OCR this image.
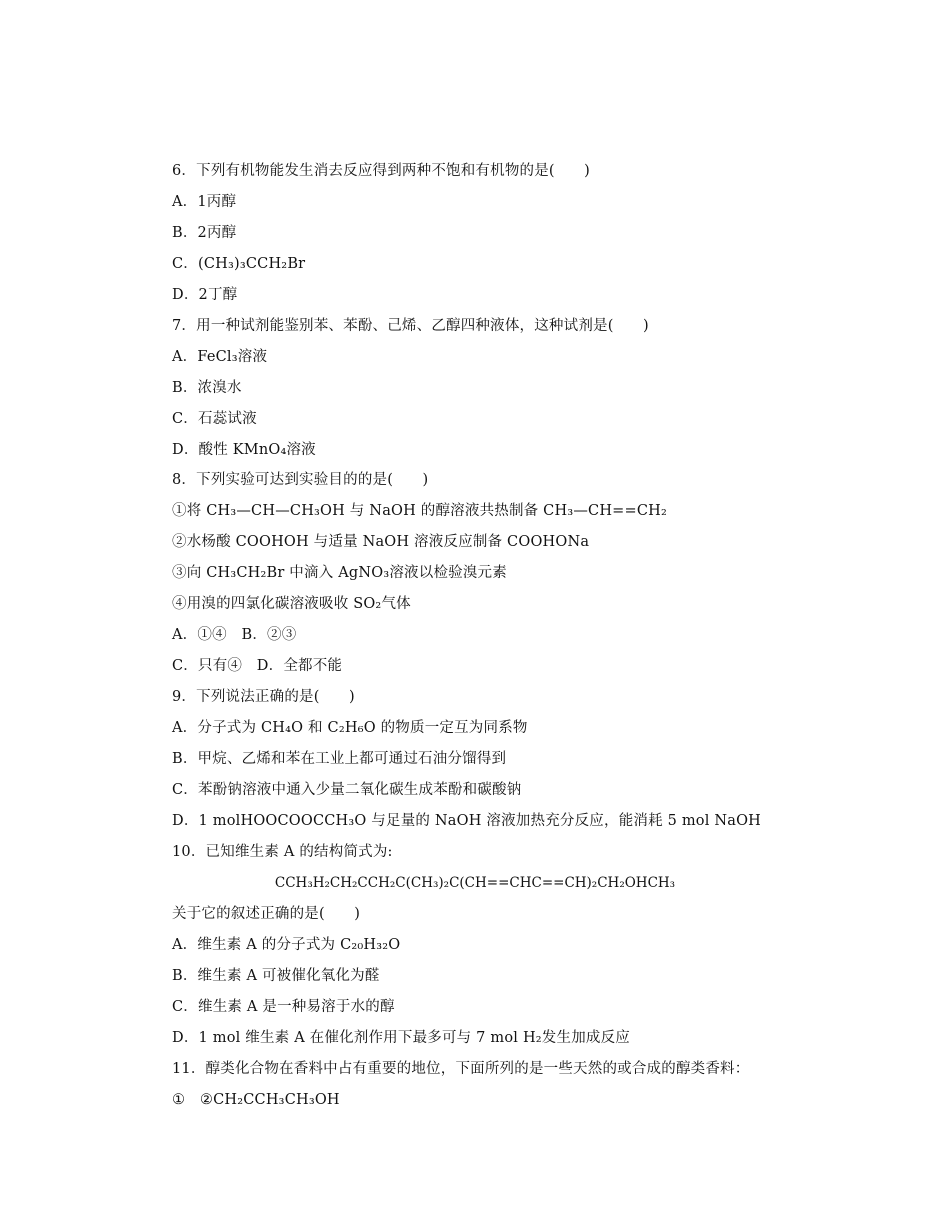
6．下列有机物能发生消去反应得到两种不饱和有机物的是(　　)
A．1丙醇
B．2丙醇
C．(CH₃)₃CCH₂Br
D．2丁醇
7．用一种试剂能鉴别苯、苯酚、己烯、乙醇四种液体，这种试剂是(　　)
A．FeCl₃溶液
B．浓溴水
C．石蕊试液
D．酸性 KMnO₄溶液
8．下列实验可达到实验目的的是(　　)
①将 CH₃—CH—CH₃OH 与 NaOH 的醇溶液共热制备 CH₃—CH==CH₂
②水杨酸 COOHOH 与适量 NaOH 溶液反应制备 COOHONa
③向 CH₃CH₂Br 中滴入 AgNO₃溶液以检验溴元素
④用溴的四氯化碳溶液吸收 SO₂气体
A．①④　B．②③
C．只有④　D．全都不能
9．下列说法正确的是(　　)
A．分子式为 CH₄O 和 C₂H₆O 的物质一定互为同系物
B．甲烷、乙烯和苯在工业上都可通过石油分馏得到
C．苯酚钠溶液中通入少量二氧化碳生成苯酚和碳酸钠
D．1 molHOOCOOCCH₃O 与足量的 NaOH 溶液加热充分反应，能消耗 5 mol NaOH
10．已知维生素 A 的结构简式为:
CCH₃H₂CH₂CCH₂C(CH₃)₂C(CH==CHC==CH)₂CH₂OHCH₃
关于它的叙述正确的是(　　)
A．维生素 A 的分子式为 C₂₀H₃₂O
B．维生素 A 可被催化氧化为醛
C．维生素 A 是一种易溶于水的醇
D．1 mol 维生素 A 在催化剂作用下最多可与 7 mol H₂发生加成反应
11．醇类化合物在香料中占有重要的地位，下面所列的是一些天然的或合成的醇类香料：
①　②CH₂CCH₃CH₃OH
